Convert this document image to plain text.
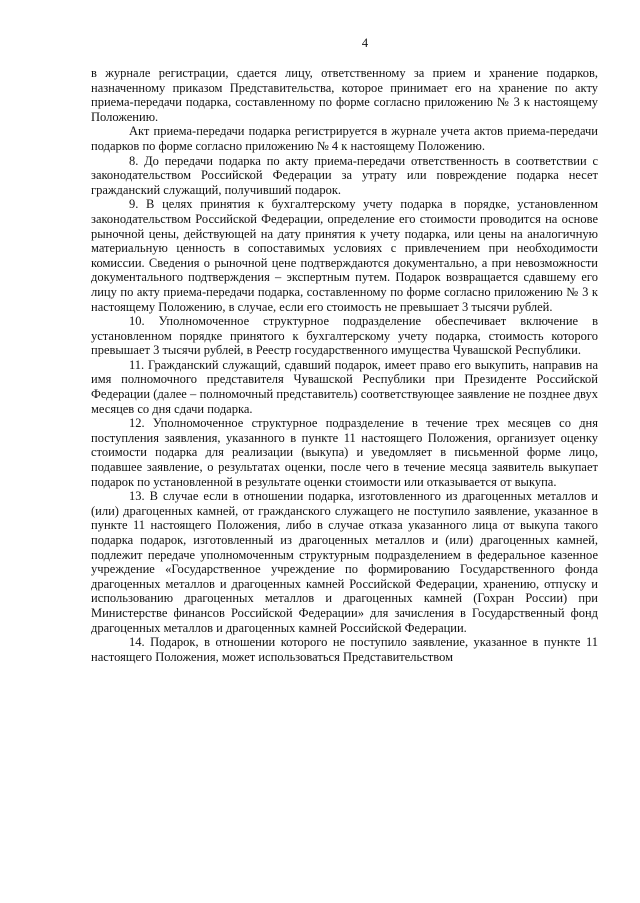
4

в журнале регистрации, сдается лицу, ответственному за прием и хранение подарков, назначенному приказом Представительства, которое принимает его на хранение по акту приема-передачи подарка, составленному по форме согласно приложению № 3 к настоящему Положению.

Акт приема-передачи подарка регистрируется в журнале учета актов приема-передачи подарков по форме согласно приложению № 4 к настоящему Положению.

8. До передачи подарка по акту приема-передачи ответственность в соответствии с законодательством Российской Федерации за утрату или повреждение подарка несет гражданский служащий, получивший подарок.

9. В целях принятия к бухгалтерскому учету подарка в порядке, установленном законодательством Российской Федерации, определение его стоимости проводится на основе рыночной цены, действующей на дату принятия к учету подарка, или цены на аналогичную материальную ценность в сопоставимых условиях с привлечением при необходимости комиссии. Сведения о рыночной цене подтверждаются документально, а при невозможности документального подтверждения – экспертным путем. Подарок возвращается сдавшему его лицу по акту приема-передачи подарка, составленному по форме согласно приложению № 3 к настоящему Положению, в случае, если его стоимость не превышает 3 тысячи рублей.

10. Уполномоченное структурное подразделение обеспечивает включение в установленном порядке принятого к бухгалтерскому учету подарка, стоимость которого превышает 3 тысячи рублей, в Реестр государственного имущества Чувашской Республики.

11. Гражданский служащий, сдавший подарок, имеет право его выкупить, направив на имя полномочного представителя Чувашской Республики при Президенте Российской Федерации (далее – полномочный представитель) соответствующее заявление не позднее двух месяцев со дня сдачи подарка.

12. Уполномоченное структурное подразделение в течение трех месяцев со дня поступления заявления, указанного в пункте 11 настоящего Положения, организует оценку стоимости подарка для реализации (выкупа) и уведомляет в письменной форме лицо, подавшее заявление, о результатах оценки, после чего в течение месяца заявитель выкупает подарок по установленной в результате оценки стоимости или отказывается от выкупа.

13. В случае если в отношении подарка, изготовленного из драгоценных металлов и (или) драгоценных камней, от гражданского служащего не поступило заявление, указанное в пункте 11 настоящего Положения, либо в случае отказа указанного лица от выкупа такого подарка подарок, изготовленный из драгоценных металлов и (или) драгоценных камней, подлежит передаче уполномоченным структурным подразделением в федеральное казенное учреждение «Государственное учреждение по формированию Государственного фонда драгоценных металлов и драгоценных камней Российской Федерации, хранению, отпуску и использованию драгоценных металлов и драгоценных камней (Гохран России) при Министерстве финансов Российской Федерации» для зачисления в Государственный фонд драгоценных металлов и драгоценных камней Российской Федерации.

14. Подарок, в отношении которого не поступило заявление, указанное в пункте 11 настоящего Положения, может использоваться Представительством
